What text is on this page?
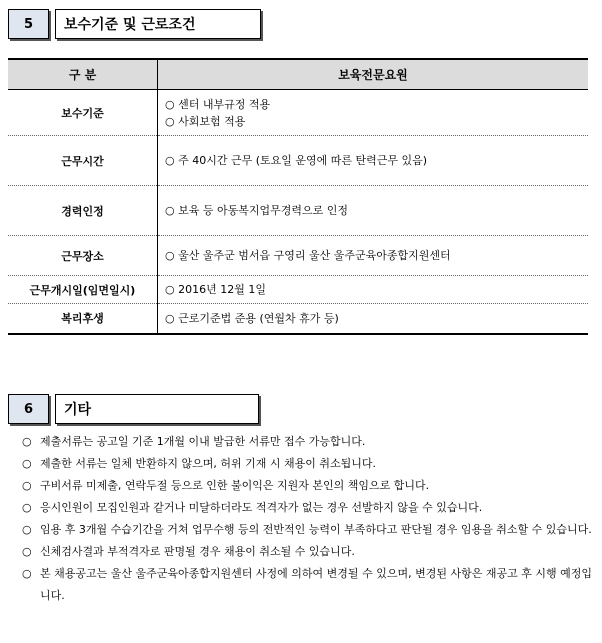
5	보수기준 및 근로조건
구 분	보육전문요원
보수기준	○ 센터 내부규정 적용
○ 사회보험 적용

근무시간	○ 주 40시간 근무 (토요일 운영에 따른 탄력근무 있음)
경력인정	○ 보육 등 아동복지업무경력으로 인정
근무장소	○ 울산 울주군 범서읍 구영리 울산 울주군육아종합지원센터
근무개시일(임면일시)	○ 2016년 12월 1일
복리후생	○ 근로기준법 준용 (연월차 휴가 등)
6	기타
○ 제출서류는 공고일 기준 1개월 이내 발급한 서류만 접수 가능합니다.
○ 제출한 서류는 일체 반환하지 않으며, 허위 기재 시 채용이 취소됩니다.
○ 구비서류 미제출, 연락두절 등으로 인한 불이익은 지원자 본인의 책임으로 합니다.
○ 응시인원이 모집인원과 같거나 미달하더라도 적격자가 없는 경우 선발하지 않을 수 있습니다.
○ 임용 후 3개월 수습기간을 거쳐 업무수행 등의 전반적인 능력이 부족하다고 판단될 경우 임용을 취소할 수 있습니다.
○ 신체검사결과 부적격자로 판명될 경우 채용이 취소될 수 있습니다.
○ 본 채용공고는 울산 울주군육아종합지원센터 사정에 의하여 변경될 수 있으며, 변경된 사항은 재공고 후 시행 예정입니다.
